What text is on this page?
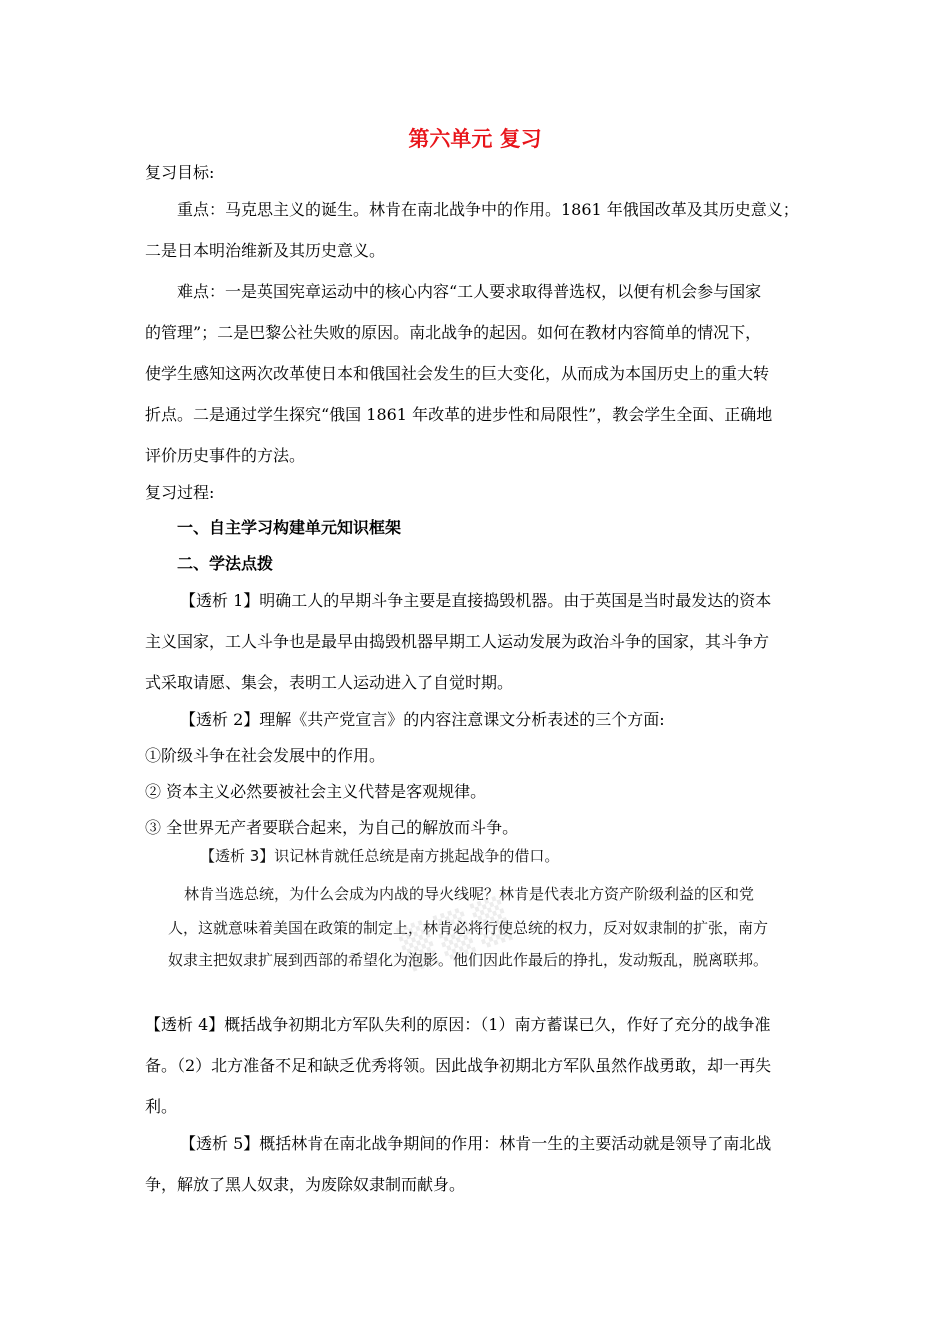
第六单元 复习
复习目标:
重点：马克思主义的诞生。林肯在南北战争中的作用。1861 年俄国改革及其历史意义；
二是日本明治维新及其历史意义。
难点：一是英国宪章运动中的核心内容“工人要求取得普选权，以便有机会参与国家
的管理”；二是巴黎公社失败的原因。南北战争的起因。如何在教材内容简单的情况下，
使学生感知这两次改革使日本和俄国社会发生的巨大变化，从而成为本国历史上的重大转
折点。二是通过学生探究“俄国 1861 年改革的进步性和局限性”，教会学生全面、正确地
评价历史事件的方法。
复习过程:
一、自主学习构建单元知识框架
二、学法点拨
【透析 1】明确工人的早期斗争主要是直接捣毁机器。由于英国是当时最发达的资本
主义国家，工人斗争也是最早由捣毁机器早期工人运动发展为政治斗争的国家，其斗争方
式采取请愿、集会，表明工人运动进入了自觉时期。
【透析 2】理解《共产党宣言》的内容注意课文分析表述的三个方面:
①阶级斗争在社会发展中的作用。
② 资本主义必然要被社会主义代替是客观规律。
③ 全世界无产者要联合起来，为自己的解放而斗争。
▒▒▒
【透析 3】识记林肯就任总统是南方挑起战争的借口。
林肯当选总统，为什么会成为内战的导火线呢？林肯是代表北方资产阶级利益的区和党
人，这就意味着美国在政策的制定上，林肯必将行使总统的权力，反对奴隶制的扩张，南方
奴隶主把奴隶扩展到西部的希望化为泡影。他们因此作最后的挣扎，发动叛乱，脱离联邦。
【透析 4】概括战争初期北方军队失利的原因：（1）南方蓄谋已久，作好了充分的战争准
备。（2）北方准备不足和缺乏优秀将领。因此战争初期北方军队虽然作战勇敢，却一再失
利。
【透析 5】概括林肯在南北战争期间的作用：林肯一生的主要活动就是领导了南北战
争，解放了黑人奴隶，为废除奴隶制而献身。
